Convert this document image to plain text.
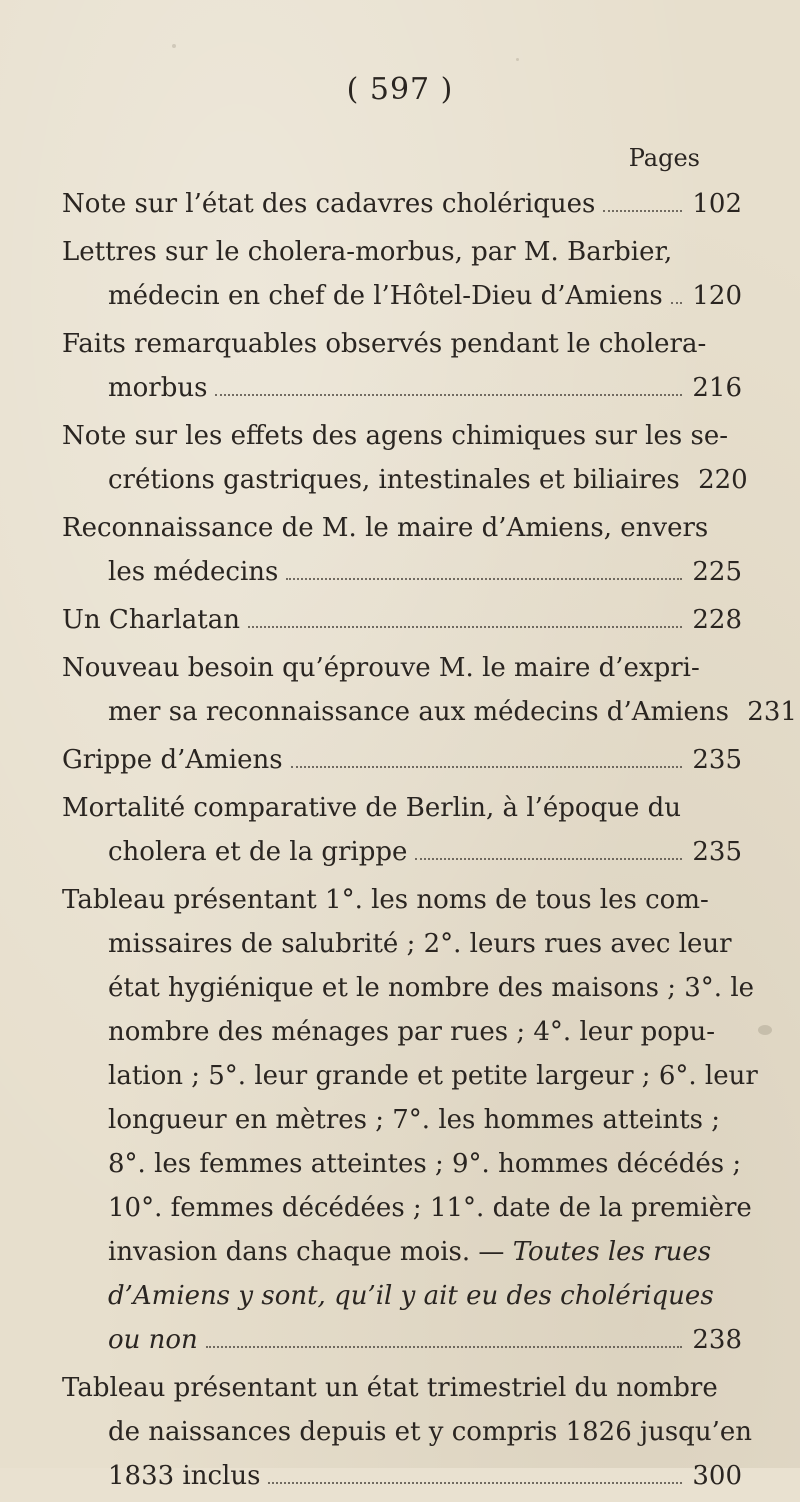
( 597 )
Pages
Note sur l’état des cadavres cholériques	102
Lettres sur le cholera-morbus, par M. Barbier,
médecin en chef de l’Hôtel-Dieu d’Amiens 120
Faits remarquables observés pendant le cholera-
morbus	216
Note sur les effets des agens chimiques sur les se-
crétions gastriques, intestinales et biliaires 220
Reconnaissance de M. le maire d’Amiens, envers
les médecins	225
Un Charlatan	228
Nouveau besoin qu’éprouve M. le maire d’expri-
mer sa reconnaissance aux médecins d’Amiens 231
Grippe d’Amiens	235
Mortalité comparative de Berlin, à l’époque du
cholera et de la grippe	235
Tableau présentant 1°. les noms de tous les com-
missaires de salubrité ; 2°. leurs rues avec leur
état hygiénique et le nombre des maisons ; 3°. le
nombre des ménages par rues ; 4°. leur popu-
lation ; 5°. leur grande et petite largeur ; 6°. leur
longueur en mètres ; 7°. les hommes atteints ;
8°. les femmes atteintes ; 9°. hommes décédés ;
10°. femmes décédées ; 11°. date de la première
invasion dans chaque mois. —
Toutes les rues
d’Amiens y sont, qu’il y ait eu des cholériques
ou non	238
Tableau présentant un état trimestriel du nombre
de naissances depuis et y compris 1826 jusqu’en
1833 inclus	300
